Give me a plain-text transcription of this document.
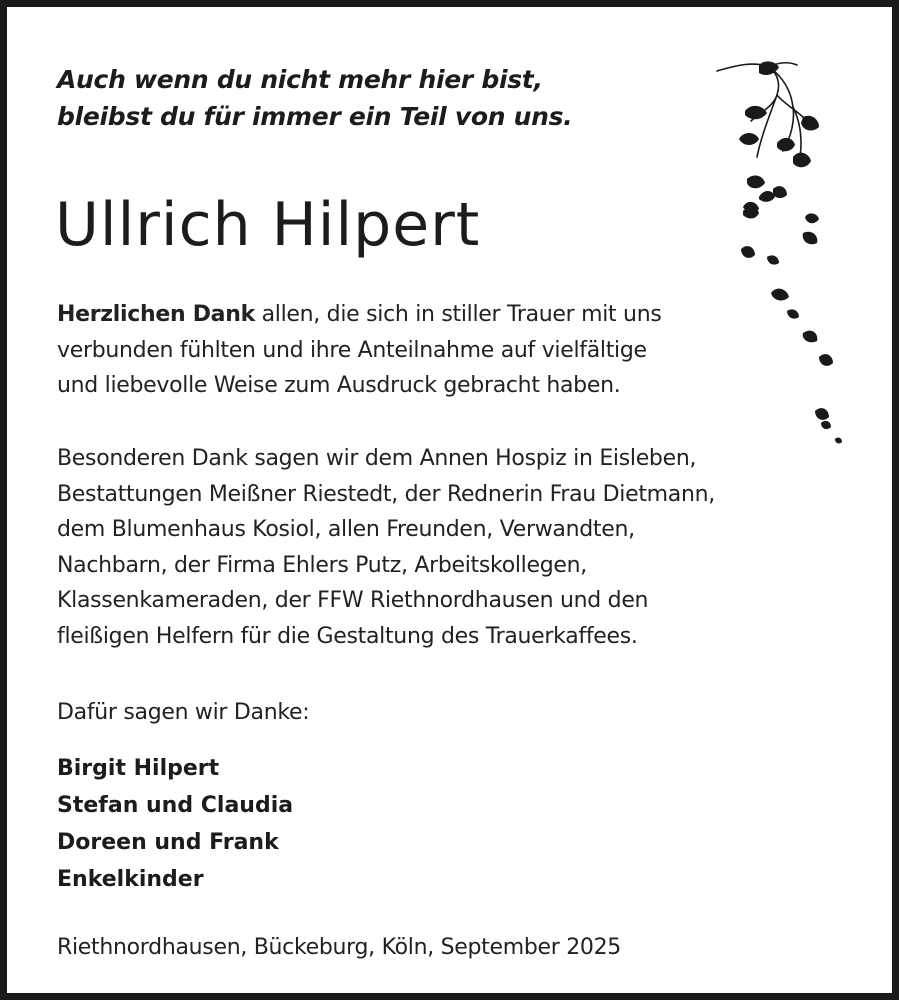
Auch wenn du nicht mehr hier bist,
bleibst du für immer ein Teil von uns.

Ullrich Hilpert

Herzlichen Dank allen, die sich in stiller Trauer mit uns
verbunden fühlten und ihre Anteilnahme auf vielfältige
und liebevolle Weise zum Ausdruck gebracht haben.

Besonderen Dank sagen wir dem Annen Hospiz in Eisleben,
Bestattungen Meißner Riestedt, der Rednerin Frau Dietmann,
dem Blumenhaus Kosiol, allen Freunden, Verwandten,
Nachbarn, der Firma Ehlers Putz, Arbeitskollegen,
Klassenkameraden, der FFW Riethnordhausen und den
fleißigen Helfern für die Gestaltung des Trauerkaffees.

Dafür sagen wir Danke:

Birgit Hilpert
Stefan und Claudia
Doreen und Frank
Enkelkinder

Riethnordhausen, Bückeburg, Köln, September 2025
